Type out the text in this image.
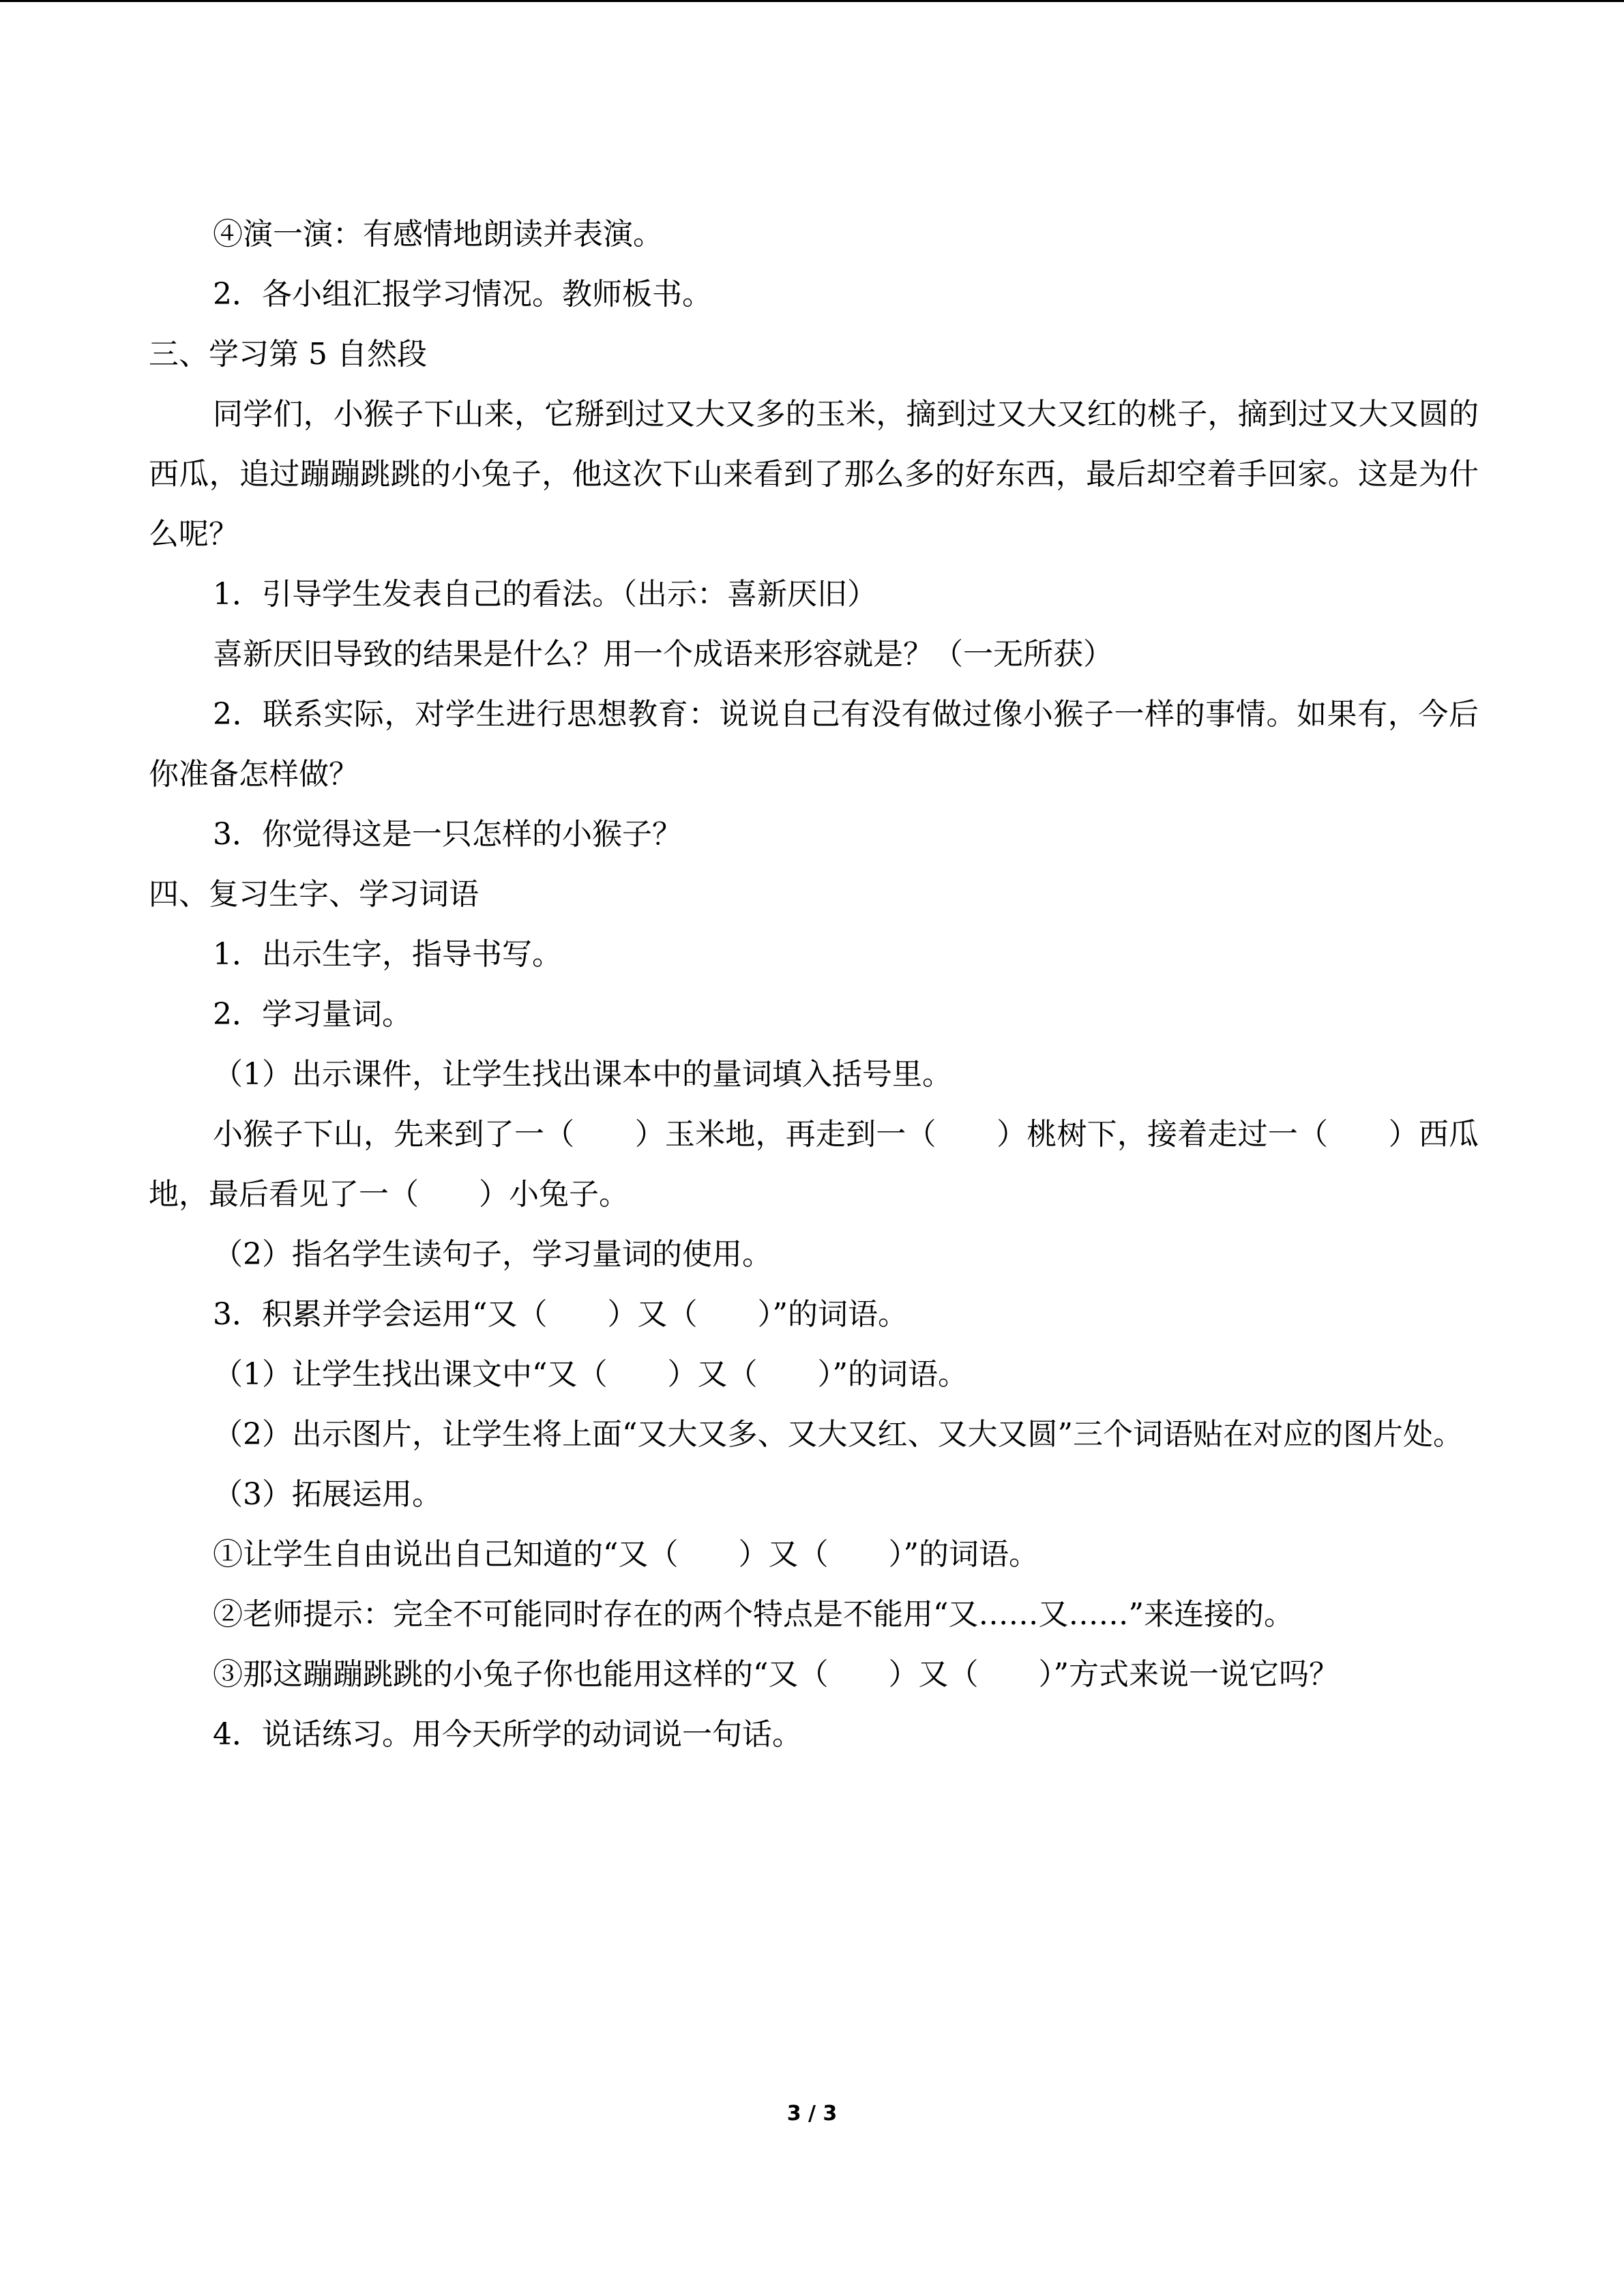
④演一演：有感情地朗读并表演。

2．各小组汇报学习情况。教师板书。

三、学习第 5 自然段

同学们，小猴子下山来，它掰到过又大又多的玉米，摘到过又大又红的桃子，摘到过又大又圆的西瓜，追过蹦蹦跳跳的小兔子，他这次下山来看到了那么多的好东西，最后却空着手回家。这是为什么呢？

1．引导学生发表自己的看法。（出示：喜新厌旧）

喜新厌旧导致的结果是什么？用一个成语来形容就是？（一无所获）

2．联系实际，对学生进行思想教育：说说自己有没有做过像小猴子一样的事情。如果有，今后你准备怎样做？

3．你觉得这是一只怎样的小猴子？

四、复习生字、学习词语

1．出示生字，指导书写。

2．学习量词。

（1）出示课件，让学生找出课本中的量词填入括号里。

小猴子下山，先来到了一（　　）玉米地，再走到一（　　）桃树下，接着走过一（　　）西瓜地，最后看见了一（　　）小兔子。

（2）指名学生读句子，学习量词的使用。

3．积累并学会运用“又（　　）又（　　）”的词语。

（1）让学生找出课文中“又（　　）又（　　）”的词语。

（2）出示图片，让学生将上面“又大又多、又大又红、又大又圆”三个词语贴在对应的图片处。

（3）拓展运用。

①让学生自由说出自己知道的“又（　　）又（　　）”的词语。

②老师提示：完全不可能同时存在的两个特点是不能用“又……又……”来连接的。

③那这蹦蹦跳跳的小兔子你也能用这样的“又（　　）又（　　）”方式来说一说它吗？

4．说话练习。用今天所学的动词说一句话。

3 / 3
